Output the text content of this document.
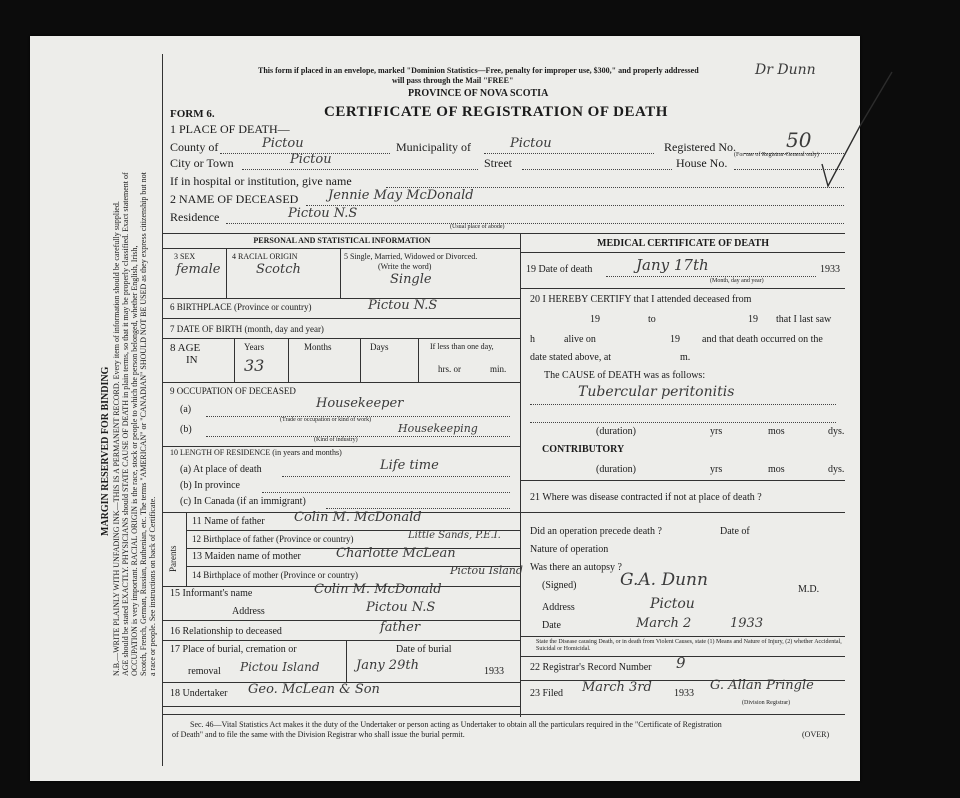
MARGIN RESERVED FOR BINDING N.B.—WRITE PLAINLY WITH UNFADING INK—THIS IS A PERMANENT RECORD. Every item of information should be carefully supplied. AGE should be stated EXACTLY. PHYSICIANS should STATE CAUSE OF DEATH in plain terms, so that it may be properly classified. Exact statement of OCCUPATION is very important. RACIAL ORIGIN is the race, stock or people to which the person belonged, whether English, Irish, Scotch, French, German, Russian, Ruthenian, etc. The terms "AMERICAN" or "CANADIAN" SHOULD NOT BE USED as they express citizenship but not a race or people. See instructions on back of Certificate.
This form if placed in an envelope, marked "Dominion Statistics—Free, penalty for improper use, $300," and properly addressed
will pass through the Mail "FREE"
Dr Dunn
PROVINCE OF NOVA SCOTIA
FORM 6.	CERTIFICATE OF REGISTRATION OF DEATH
1 PLACE OF DEATH—
County of	Pictou	Municipality of	Pictou	Registered No.	50
(For use of Registrar-General only)
City or Town	Pictou	Street	House No.
If in hospital or institution, give name
2 NAME OF DECEASED Jennie May McDonald
Residence	Pictou N.S
(Usual place of abode)
PERSONAL AND STATISTICAL INFORMATION
3 SEX
female
4 RACIAL ORIGIN
Scotch
5 Single, Married, Widowed or Divorced.
(Write the word)
Single
6 BIRTHPLACE (Province or country)	Pictou N.S
7 DATE OF BIRTH (month, day and year)
8 AGE
IN
Years
33
Months	Days	If less than one day,
hrs. or	min.
9 OCCUPATION OF DECEASED
(a)	Housekeeper
(Trade or occupation or kind of work)
(b)	Housekeeping
(Kind of industry)
10 LENGTH OF RESIDENCE (in years and months)
(a) At place of death	Life time
(b) In province
(c) In Canada (if an immigrant)
Parents
11 Name of father Colin M. McDonald
12 Birthplace of father (Province or country)	Little Sands, P.E.I.
13 Maiden name of mother	Charlotte McLean
14 Birthplace of mother (Province or country)	Pictou Island
15 Informant's name	Colin M. McDonald
Address	Pictou N.S
16 Relationship to deceased	father
17 Place of burial, cremation or
removal Pictou Island
Date of burial
Jany 29th	1933
18 Undertaker Geo. McLean & Son
MEDICAL CERTIFICATE OF DEATH
19 Date of death	Jany 17th	1933
(Month, day and year)
20 I HEREBY CERTIFY that I attended deceased from
19	to	19 that I last saw
h	alive on	19 and that death occurred on the
date stated above, at	m.
The CAUSE of DEATH was as follows:
Tubercular peritonitis
(duration)	yrs	mos	dys.
CONTRIBUTORY
(duration)	yrs	mos	dys.
21 Where was disease contracted if not at place of death ?
Did an operation precede death ?	Date of
Nature of operation
Was there an autopsy ?
(Signed)	G.A. Dunn	M.D.
Address	Pictou
Date	March 2	1933
State the Disease causing Death, or in death from Violent Causes, state (1) Means and Nature of Injury, (2) whether Accidental, Suicidal or Homicidal.
22 Registrar's Record Number 9
23 Filed March 3rd 1933
G. Allan Pringle
(Division Registrar)
Sec. 46—Vital Statistics Act makes it the duty of the Undertaker or person acting as Undertaker to obtain all the particulars required in the "Certificate of Registration
of Death" and to file the same with the Division Registrar who shall issue the burial permit.	(OVER)
